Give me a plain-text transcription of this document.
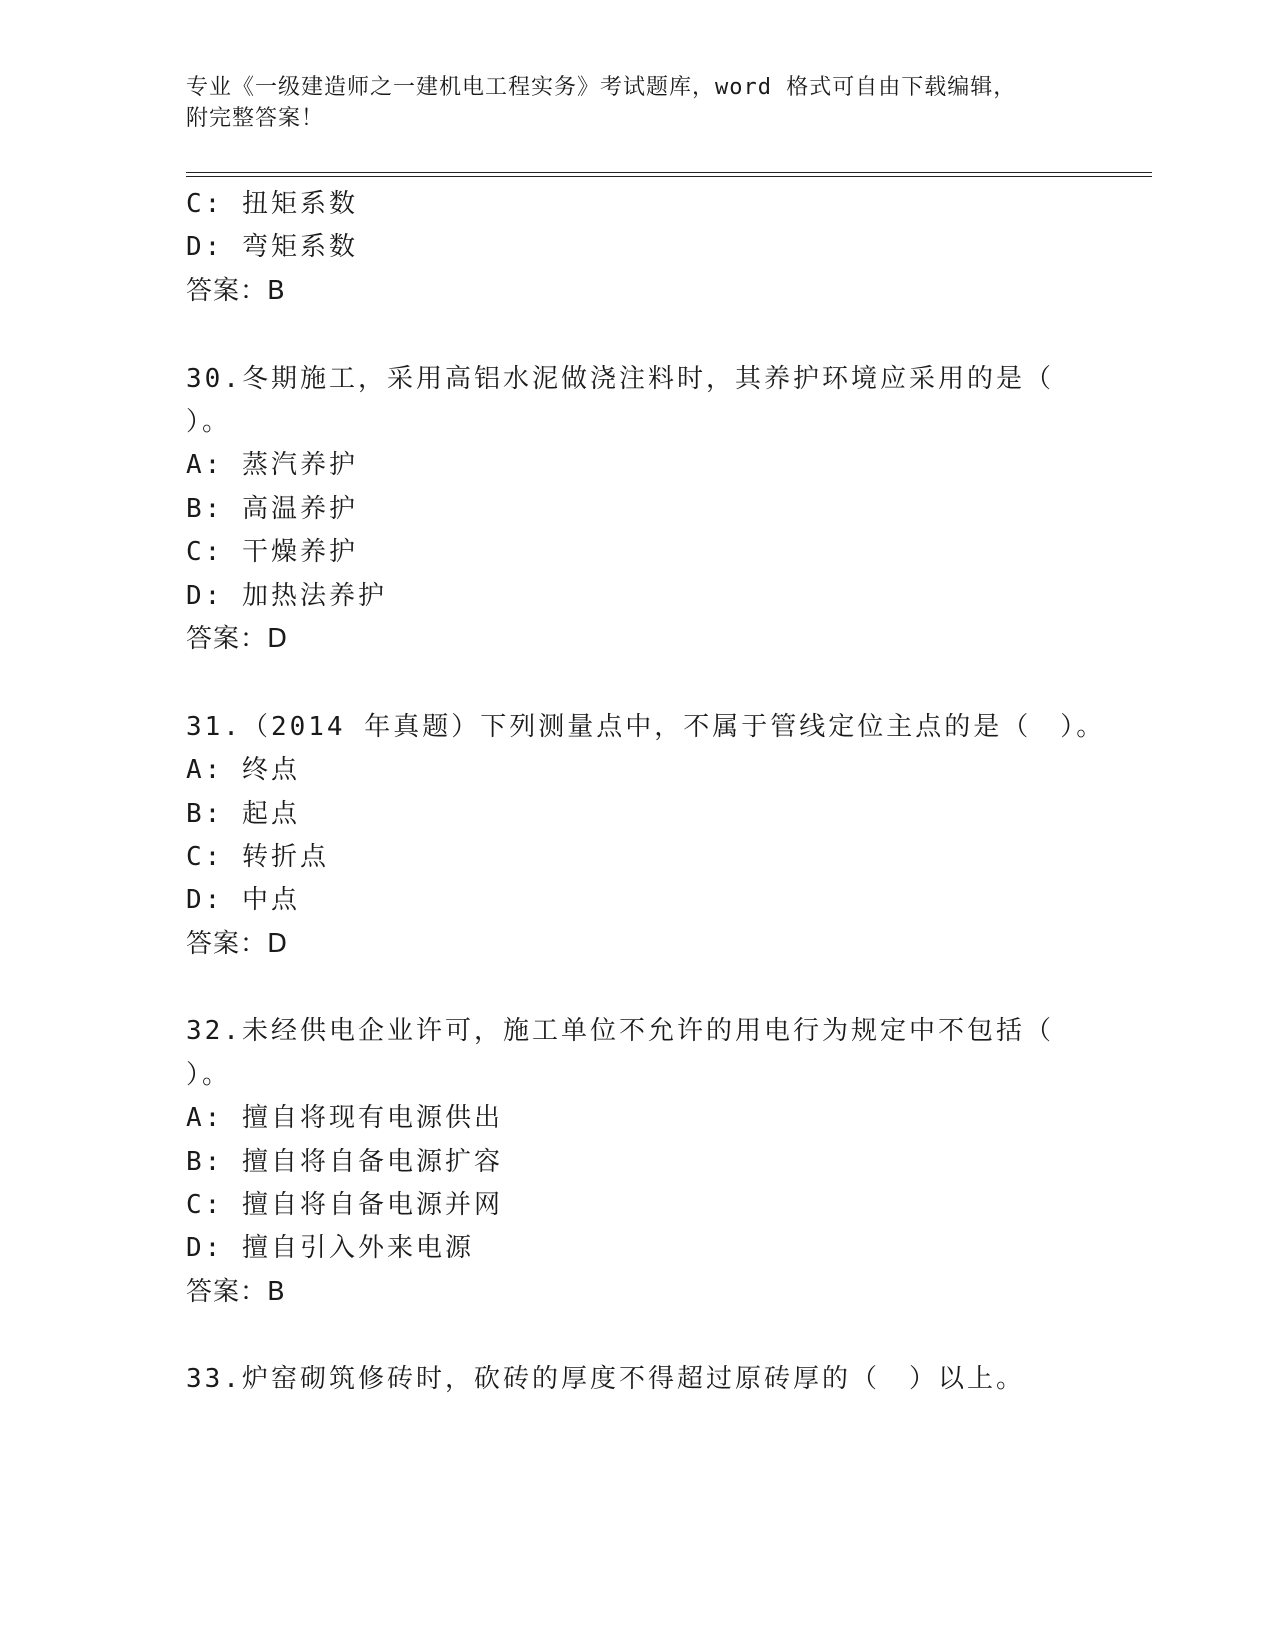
专业《一级建造师之一建机电工程实务》考试题库，word 格式可自由下载编辑，
附完整答案！
C: 扭矩系数
D: 弯矩系数
答案：B
30.冬期施工，采用高铝水泥做浇注料时，其养护环境应采用的是（
）。
A: 蒸汽养护
B: 高温养护
C: 干燥养护
D: 加热法养护
答案：D
31.（2014 年真题）下列测量点中，不属于管线定位主点的是（　）。
A: 终点
B: 起点
C: 转折点
D: 中点
答案：D
32.未经供电企业许可，施工单位不允许的用电行为规定中不包括（
）。
A: 擅自将现有电源供出
B: 擅自将自备电源扩容
C: 擅自将自备电源并网
D: 擅自引入外来电源
答案：B
33.炉窑砌筑修砖时，砍砖的厚度不得超过原砖厚的（　）以上。
